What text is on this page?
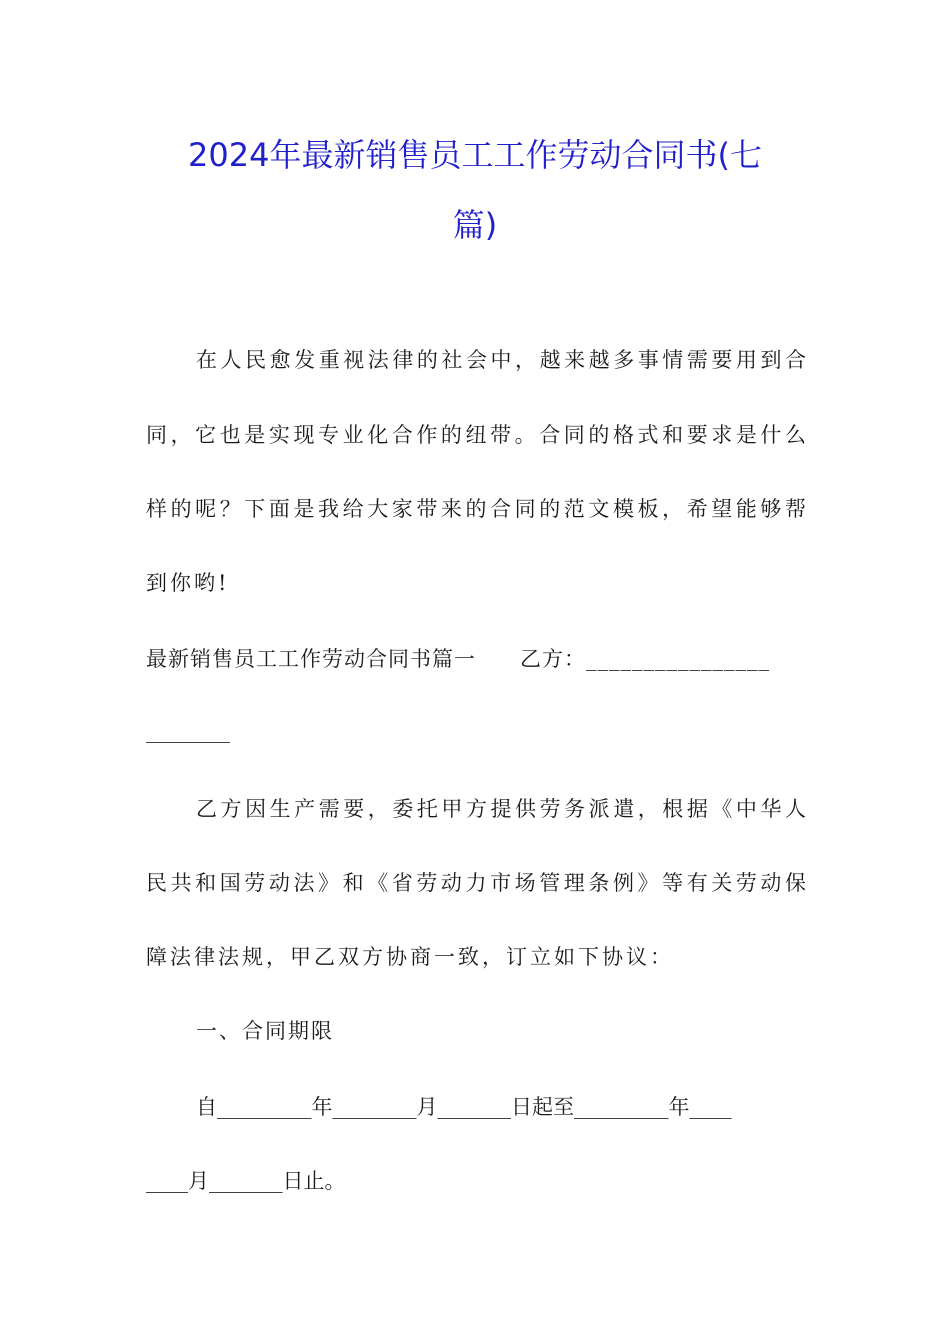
2024年最新销售员工工作劳动合同书(七
篇)
在人民愈发重视法律的社会中，越来越多事情需要用到合
同，它也是实现专业化合作的纽带。合同的格式和要求是什么
样的呢？下面是我给大家带来的合同的范文模板，希望能够帮
到你哟!
最新销售员工工作劳动合同书篇一　　乙方：________________
________
乙方因生产需要，委托甲方提供劳务派遣，根据《中华人
民共和国劳动法》和《省劳动力市场管理条例》等有关劳动保
障法律法规，甲乙双方协商一致，订立如下协议：
一、合同期限
自_________年________月_______日起至_________年____
____月_______日止。
